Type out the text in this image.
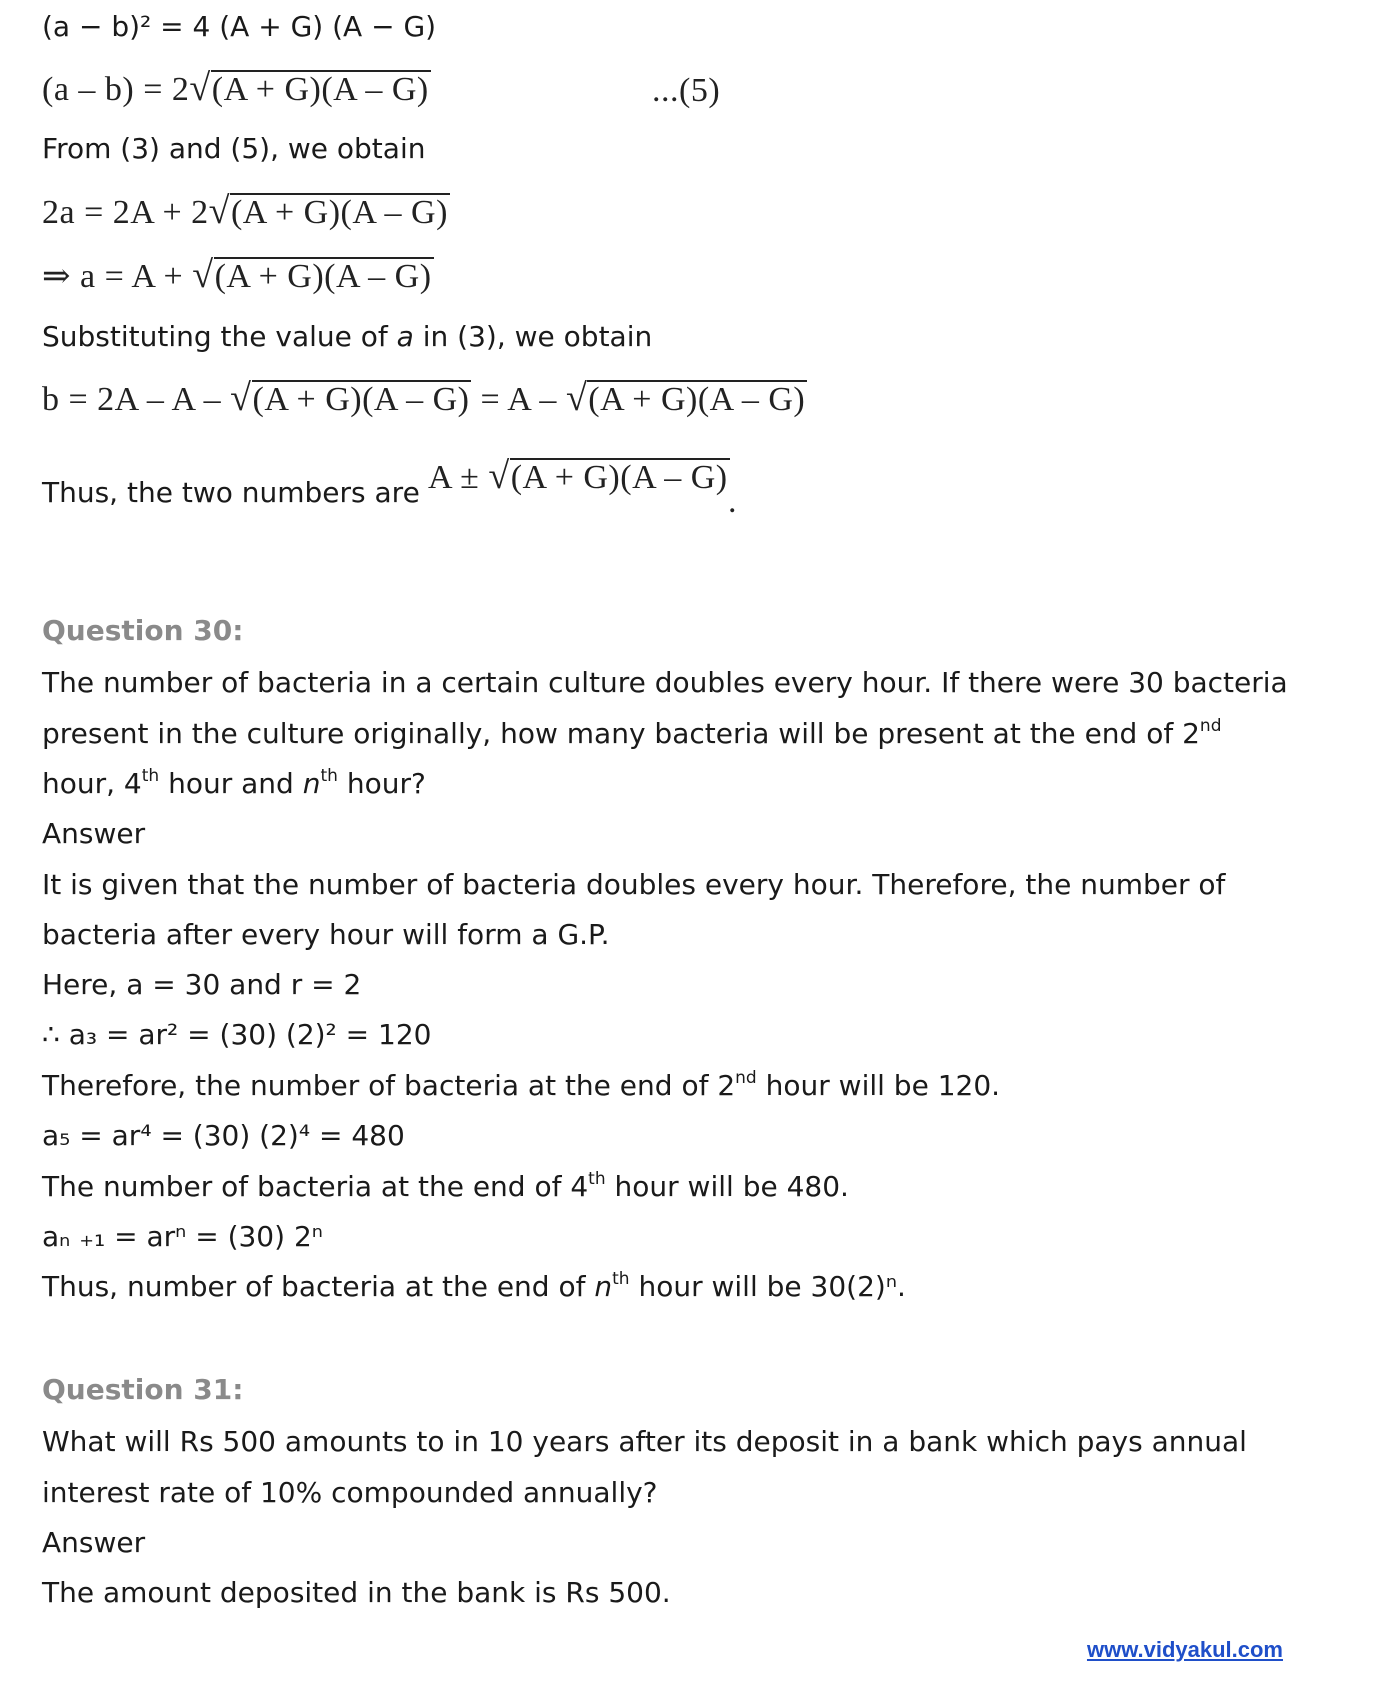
(a − b)² = 4 (A + G) (A − G)
(a – b) = 2√(A + G)(A – G)	...(5)
From (3) and (5), we obtain
2a = 2A + 2√(A + G)(A – G)
⇒ a = A + √(A + G)(A – G)
Substituting the value of a in (3), we obtain
b = 2A – A – √(A + G)(A – G) = A – √(A + G)(A – G)
Thus, the two numbers are A ± √(A + G)(A – G)
.
Question 30:
The number of bacteria in a certain culture doubles every hour. If there were 30 bacteria
present in the culture originally, how many bacteria will be present at the end of 2nd
hour, 4th hour and $n^{th}$ hour?
Answer
It is given that the number of bacteria doubles every hour. Therefore, the number of
bacteria after every hour will form a G.P.
Here, a = 30 and r = 2
∴ a₃ = ar² = (30) (2)² = 120
Therefore, the number of bacteria at the end of 2nd hour will be 120.
a₅ = ar⁴ = (30) (2)⁴ = 480
The number of bacteria at the end of 4th hour will be 480.
aₙ ₊₁ = arⁿ = (30) 2ⁿ
Thus, number of bacteria at the end of $n^{th}$ hour will be 30(2)ⁿ.
Question 31:
What will Rs 500 amounts to in 10 years after its deposit in a bank which pays annual
interest rate of 10% compounded annually?
Answer
The amount deposited in the bank is Rs 500.
www.vidyakul.com
